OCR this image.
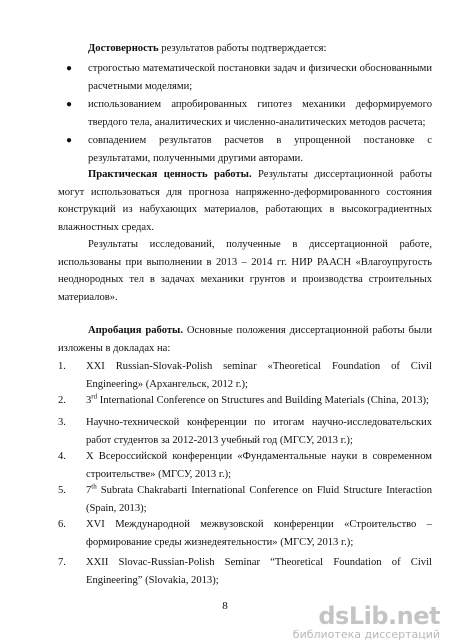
Достоверность результатов работы подтверждается:
● строгостью математической постановки задач и физически обоснованными расчетными моделями;
● использованием апробированных гипотез механики деформируемого твердого тела, аналитических и численно-аналитических методов расчета;
● совпадением результатов расчетов в упрощенной постановке с результатами, полученными другими авторами.
Практическая ценность работы. Результаты диссертационной работы могут использоваться для прогноза напряженно-деформированного состояния конструкций из набухающих материалов, работающих в высокоградиентных влажностных средах.
Результаты исследований, полученные в диссертационной работе, использованы при выполнении в 2013 – 2014 гг. НИР РААСН «Влагоупругость неоднородных тел в задачах механики грунтов и производства строительных материалов».
Апробация работы. Основные положения диссертационной работы были изложены в докладах на:
1. XXI Russian-Slovak-Polish seminar «Theoretical Foundation of Civil Engineering» (Архангельск, 2012 г.);
2. 3rd International Conference on Structures and Building Materials (China, 2013);
3. Научно-технической конференции по итогам научно-исследовательских работ студентов за 2012-2013 учебный год (МГСУ, 2013 г.);
4. X Всероссийской конференции «Фундаментальные науки в современном строительстве» (МГСУ, 2013 г.);
5. 7th Subrata Chakrabarti International Conference on Fluid Structure Interaction (Spain, 2013);
6. XVI Международной межвузовской конференции «Строительство – формирование среды жизнедеятельности» (МГСУ, 2013 г.);
7. XXII Slovac-Russian-Polish Seminar “Theoretical Foundation of Civil Engineering” (Slovakia, 2013);
8	dsLib.net
библиотека диссертаций
